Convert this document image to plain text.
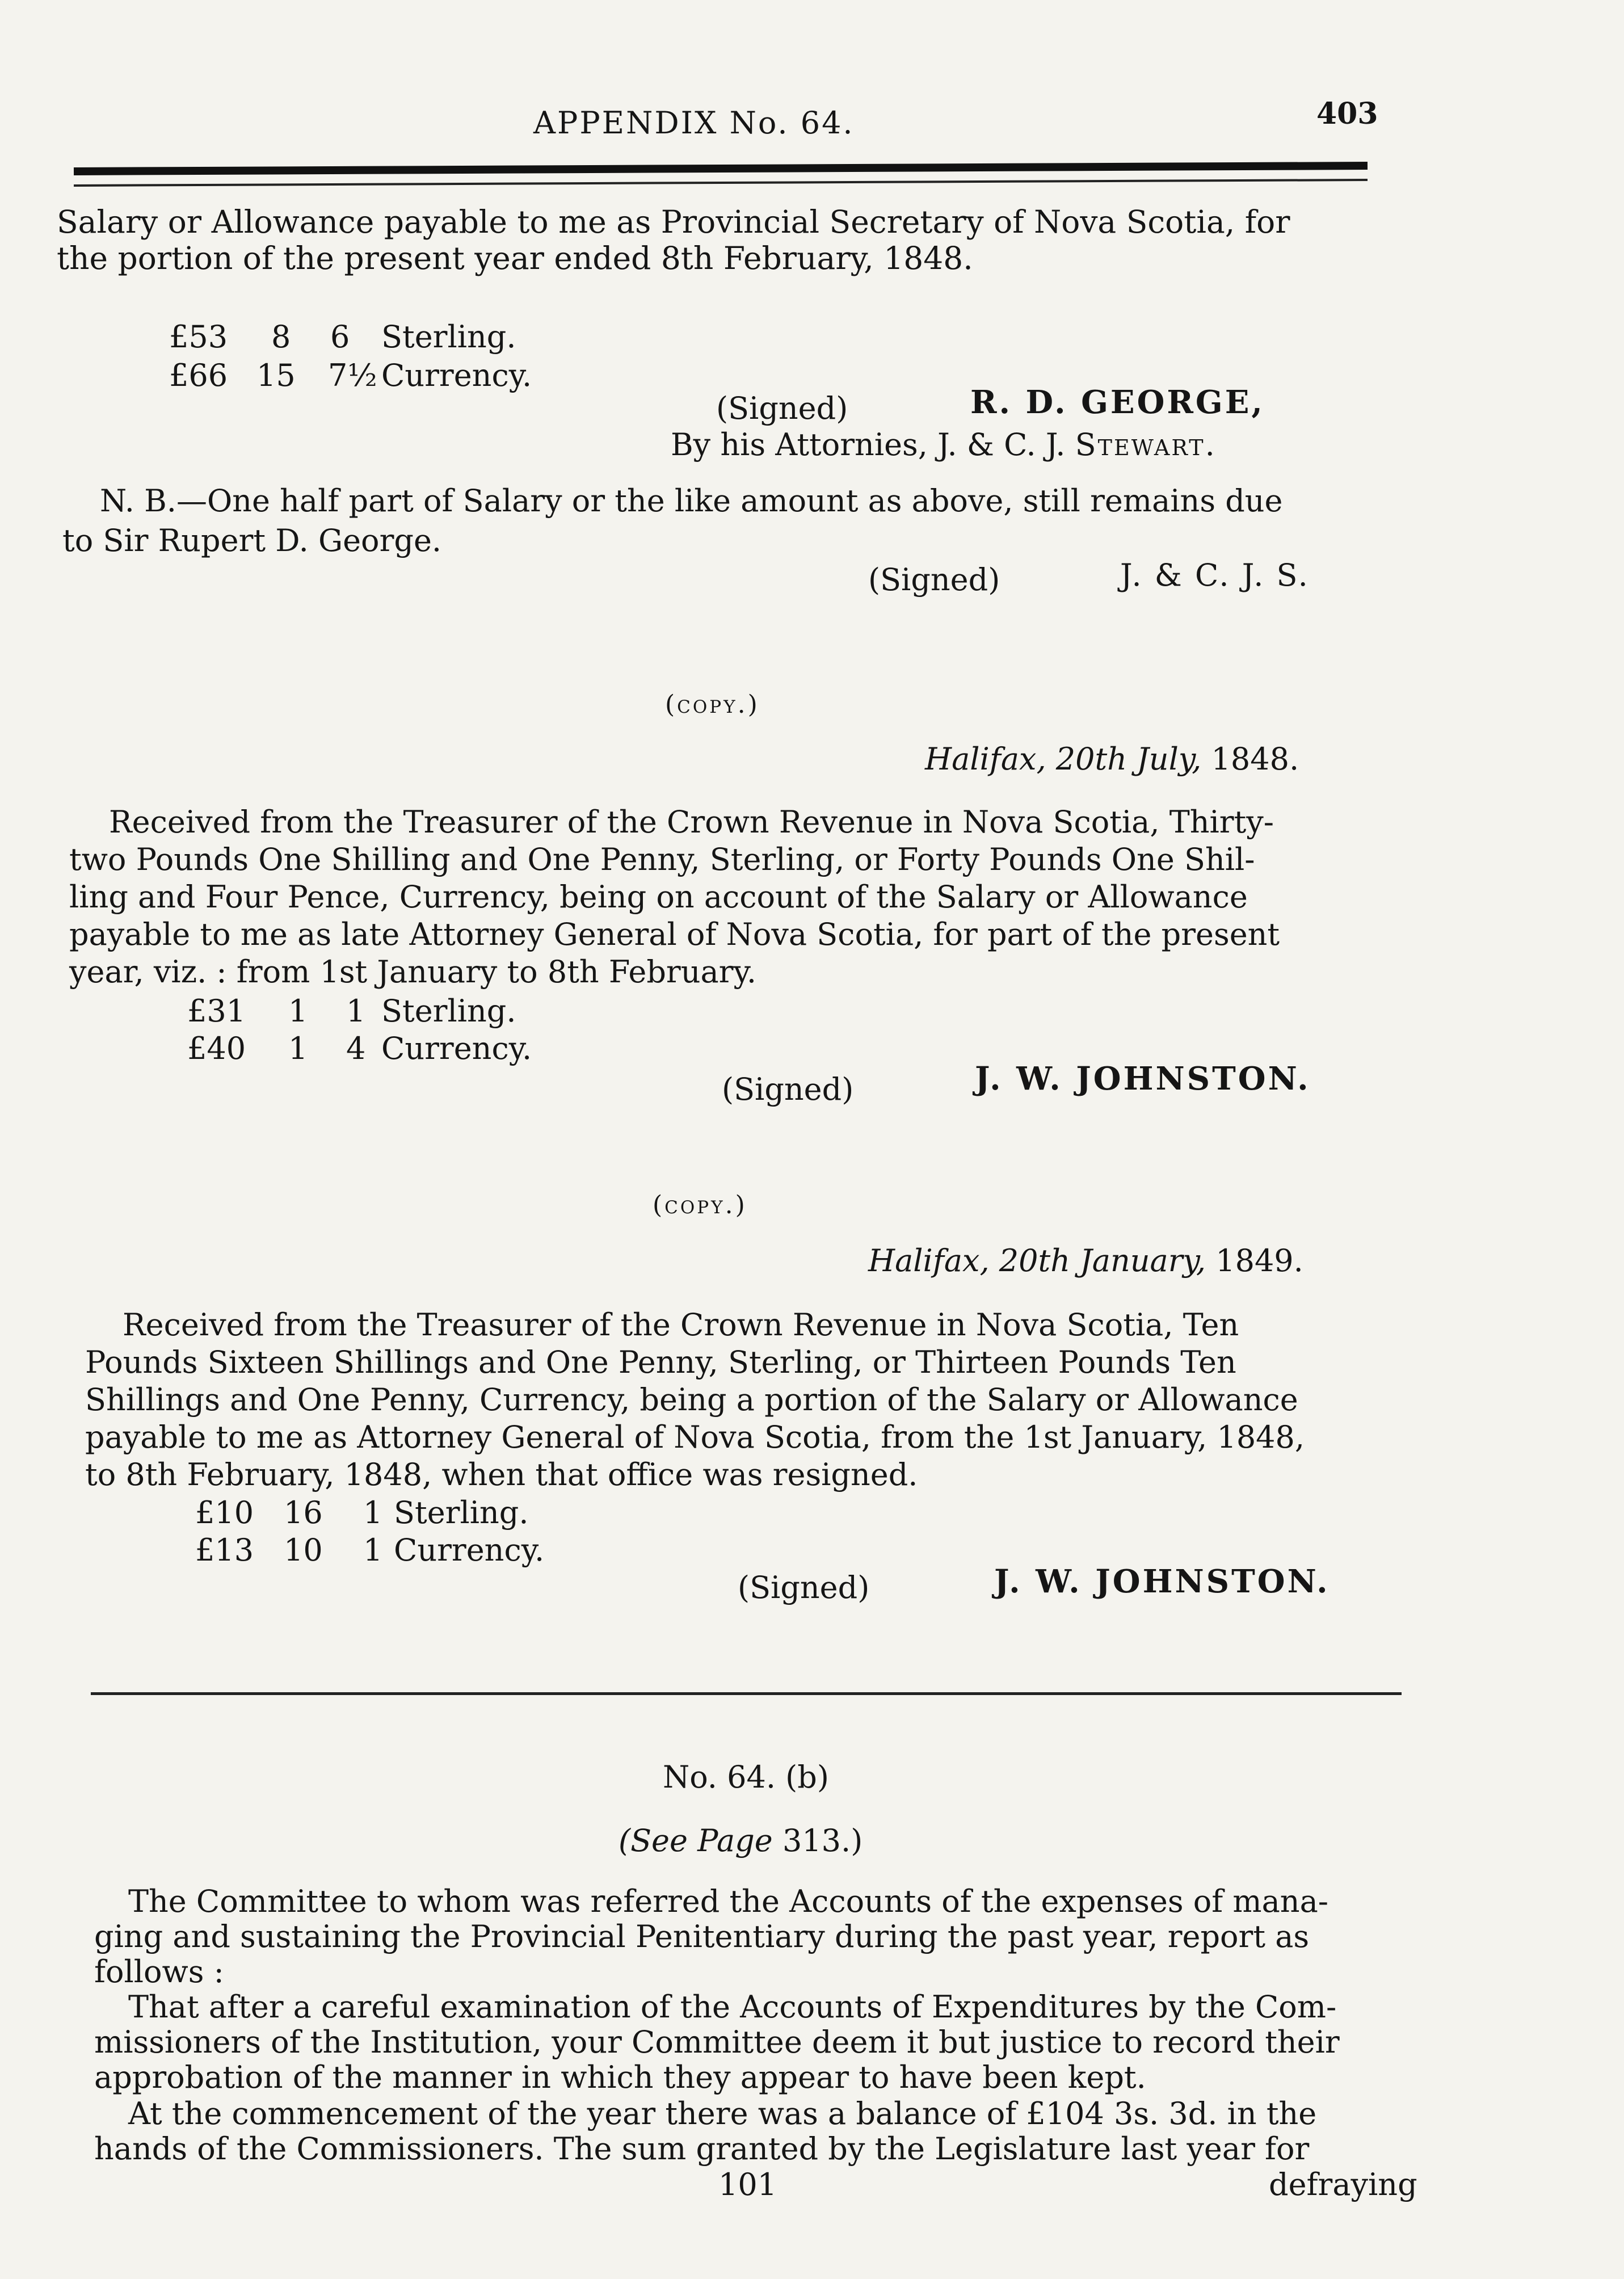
APPENDIX No. 64.	403
Salary or Allowance payable to me as Provincial Secretary of Nova Scotia, for
the portion of the present year ended 8th February, 1848.
£53 8 6 Sterling.
£66 15 7½ Currency.
(Signed)	R. D. GEORGE,
By his Attornies, J. & C. J. Stewart.
N. B.—One half part of Salary or the like amount as above, still remains due
to Sir Rupert D. George.
(Signed)	J. & C. J. S.
(copy.)
Halifax, 20th July, 1848.
Received from the Treasurer of the Crown Revenue in Nova Scotia, Thirty-
two Pounds One Shilling and One Penny, Sterling, or Forty Pounds One Shil-
ling and Four Pence, Currency, being on account of the Salary or Allowance
payable to me as late Attorney General of Nova Scotia, for part of the present
year, viz. : from 1st January to 8th February.
£31 1 1 Sterling.
£40 1 4 Currency.
(Signed)	J. W. JOHNSTON.
(copy.)
Halifax, 20th January, 1849.
Received from the Treasurer of the Crown Revenue in Nova Scotia, Ten
Pounds Sixteen Shillings and One Penny, Sterling, or Thirteen Pounds Ten
Shillings and One Penny, Currency, being a portion of the Salary or Allowance
payable to me as Attorney General of Nova Scotia, from the 1st January, 1848,
to 8th February, 1848, when that office was resigned.
£10 16 1 Sterling.
£13 10 1 Currency.
(Signed)	J. W. JOHNSTON.
No. 64. (b)
(See Page 313.)
The Committee to whom was referred the Accounts of the expenses of mana-
ging and sustaining the Provincial Penitentiary during the past year, report as
follows :
That after a careful examination of the Accounts of Expenditures by the Com-
missioners of the Institution, your Committee deem it but justice to record their
approbation of the manner in which they appear to have been kept.
At the commencement of the year there was a balance of £104 3s. 3d. in the
hands of the Commissioners. The sum granted by the Legislature last year for
101	defraying
